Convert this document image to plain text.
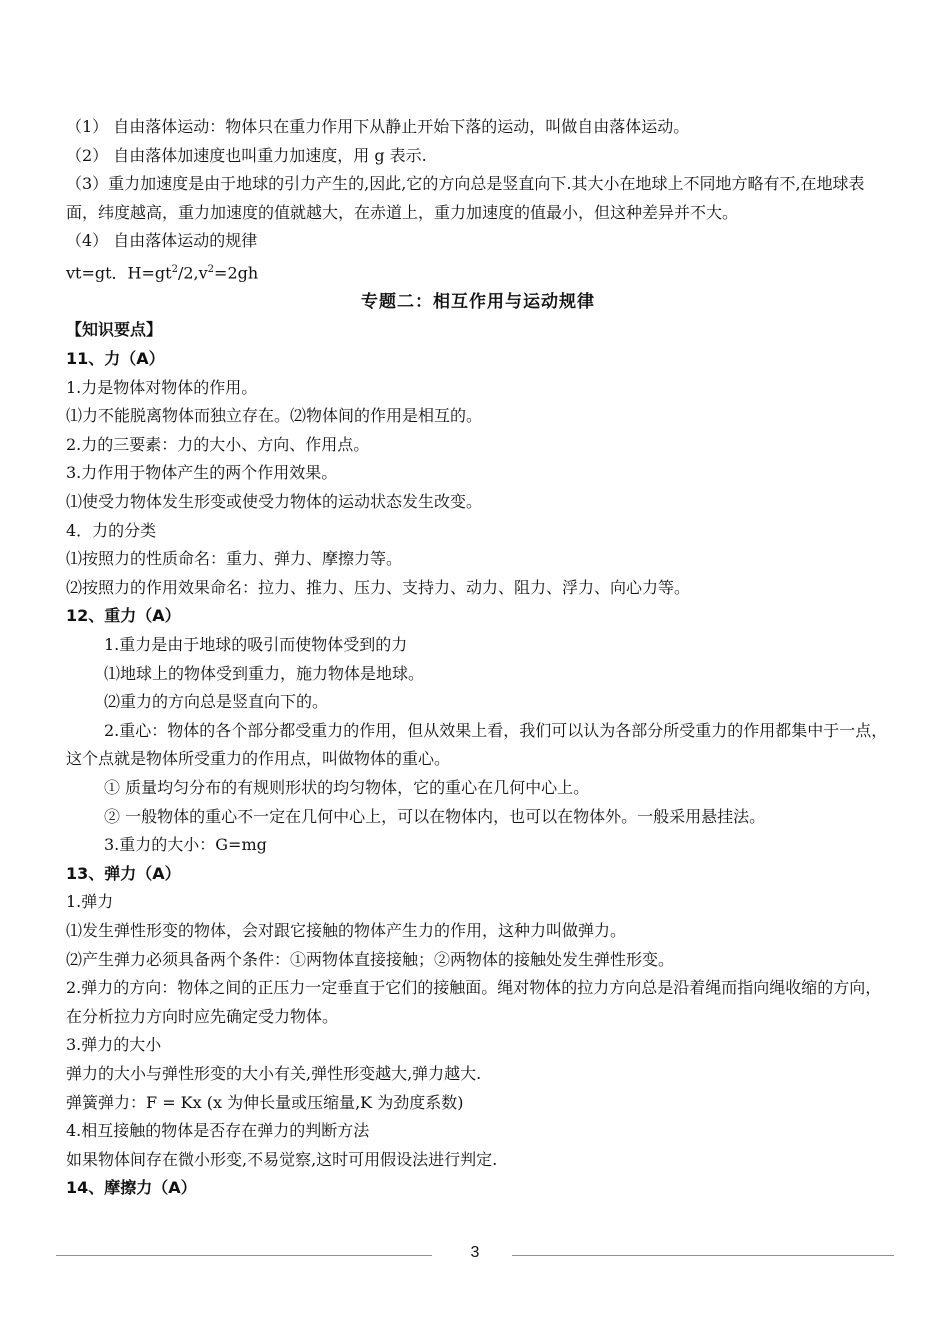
（1） 自由落体运动：物体只在重力作用下从静止开始下落的运动，叫做自由落体运动。
（2） 自由落体加速度也叫重力加速度，用 g 表示.
（3）重力加速度是由于地球的引力产生的,因此,它的方向总是竖直向下.其大小在地球上不同地方略有不,在地球表面，纬度越高，重力加速度的值就越大，在赤道上，重力加速度的值最小，但这种差异并不大。
（4） 自由落体运动的规律
vt=gt．$H=gt^2/2,v^2=2gh$
专题二：相互作用与运动规律
【知识要点】
11、力（A）
1.力是物体对物体的作用。
⑴力不能脱离物体而独立存在。⑵物体间的作用是相互的。
2.力的三要素：力的大小、方向、作用点。
3.力作用于物体产生的两个作用效果。
⑴使受力物体发生形变或使受力物体的运动状态发生改变。
4．力的分类
⑴按照力的性质命名：重力、弹力、摩擦力等。
⑵按照力的作用效果命名：拉力、推力、压力、支持力、动力、阻力、浮力、向心力等。
12、重力（A）
1.重力是由于地球的吸引而使物体受到的力
⑴地球上的物体受到重力，施力物体是地球。
⑵重力的方向总是竖直向下的。
2.重心：物体的各个部分都受重力的作用，但从效果上看，我们可以认为各部分所受重力的作用都集中于一点，这个点就是物体所受重力的作用点，叫做物体的重心。
① 质量均匀分布的有规则形状的均匀物体，它的重心在几何中心上。
② 一般物体的重心不一定在几何中心上，可以在物体内，也可以在物体外。一般采用悬挂法。
3.重力的大小：G=mg
13、弹力（A）
1.弹力
⑴发生弹性形变的物体，会对跟它接触的物体产生力的作用，这种力叫做弹力。
⑵产生弹力必须具备两个条件：①两物体直接接触；②两物体的接触处发生弹性形变。
2.弹力的方向：物体之间的正压力一定垂直于它们的接触面。绳对物体的拉力方向总是沿着绳而指向绳收缩的方向，在分析拉力方向时应先确定受力物体。
3.弹力的大小
弹力的大小与弹性形变的大小有关,弹性形变越大,弹力越大.
弹簧弹力：F = Kx (x 为伸长量或压缩量,K 为劲度系数)
4.相互接触的物体是否存在弹力的判断方法
如果物体间存在微小形变,不易觉察,这时可用假设法进行判定.
14、摩擦力（A）
3
